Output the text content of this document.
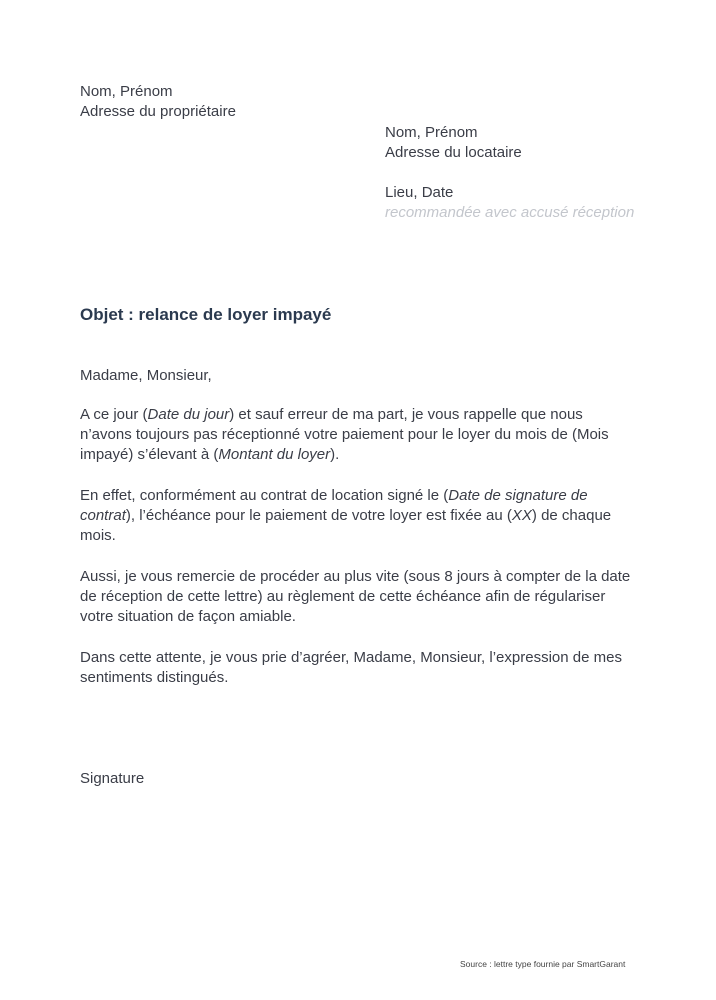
Nom, Prénom
Adresse du propriétaire
Nom, Prénom
Adresse du locataire
Lieu, Date
recommandée avec accusé réception
Objet : relance de loyer impayé
Madame, Monsieur,
A ce jour (Date du jour) et sauf erreur de ma part, je vous rappelle que nous
n’avons toujours pas réceptionné votre paiement pour le loyer du mois de (Mois
impayé) s’élevant à (Montant du loyer).
En effet, conformément au contrat de location signé le (Date de signature de
contrat), l’échéance pour le paiement de votre loyer est fixée au (XX) de chaque
mois.
Aussi, je vous remercie de procéder au plus vite (sous 8 jours à compter de la date
de réception de cette lettre) au règlement de cette échéance afin de régulariser
votre situation de façon amiable.
Dans cette attente, je vous prie d’agréer, Madame, Monsieur, l’expression de mes
sentiments distingués.
Signature
Source : lettre type fournie par SmartGarant
